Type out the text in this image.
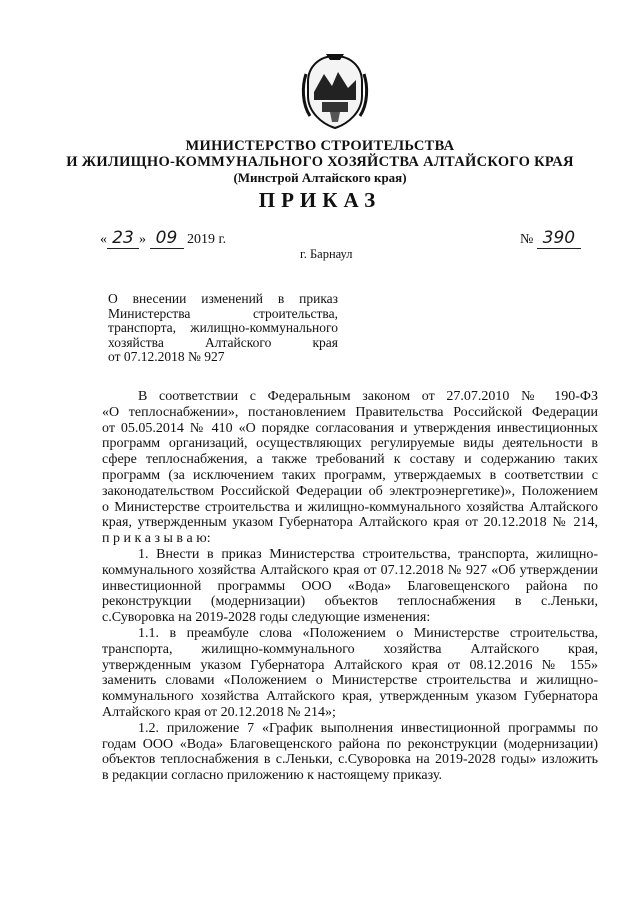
МИНИСТЕРСТВО СТРОИТЕЛЬСТВА
И ЖИЛИЩНО-КОММУНАЛЬНОГО ХОЗЯЙСТВА АЛТАЙСКОГО КРАЯ
(Минстрой Алтайского края)
ПРИКАЗ
« 23 » 09 2019 г.	№ 390
г. Барнаул
О внесении изменений в приказ
Министерства строительства,
транспорта, жилищно-коммунального
хозяйства Алтайского края
от 07.12.2018 № 927
В соответствии с Федеральным законом от 27.07.2010 № 190-ФЗ
«О теплоснабжении», постановлением Правительства Российской Федерации
от 05.05.2014 № 410 «О порядке согласования и утверждения инвестиционных
программ организаций, осуществляющих регулируемые виды деятельности в
сфере теплоснабжения, а также требований к составу и содержанию таких
программ (за исключением таких программ, утверждаемых в соответствии с
законодательством Российской Федерации об электроэнергетике)», Положением
о Министерстве строительства и жилищно-коммунального хозяйства Алтайского
края, утвержденным указом Губернатора Алтайского края от 20.12.2018 № 214,
п р и к а з ы в а ю:
1. Внести в приказ Министерства строительства, транспорта, жилищно-
коммунального хозяйства Алтайского края от 07.12.2018 № 927 «Об утверждении
инвестиционной программы ООО «Вода» Благовещенского района по
реконструкции (модернизации) объектов теплоснабжения в с.Леньки,
с.Суворовка на 2019-2028 годы следующие изменения:
1.1. в преамбуле слова «Положением о Министерстве строительства,
транспорта, жилищно-коммунального хозяйства Алтайского края,
утвержденным указом Губернатора Алтайского края от 08.12.2016 № 155»
заменить словами «Положением о Министерстве строительства и жилищно-
коммунального хозяйства Алтайского края, утвержденным указом Губернатора
Алтайского края от 20.12.2018 № 214»;
1.2. приложение 7 «График выполнения инвестиционной программы по
годам ООО «Вода» Благовещенского района по реконструкции (модернизации)
объектов теплоснабжения в с.Леньки, с.Суворовка на 2019-2028 годы» изложить
в редакции согласно приложению к настоящему приказу.
